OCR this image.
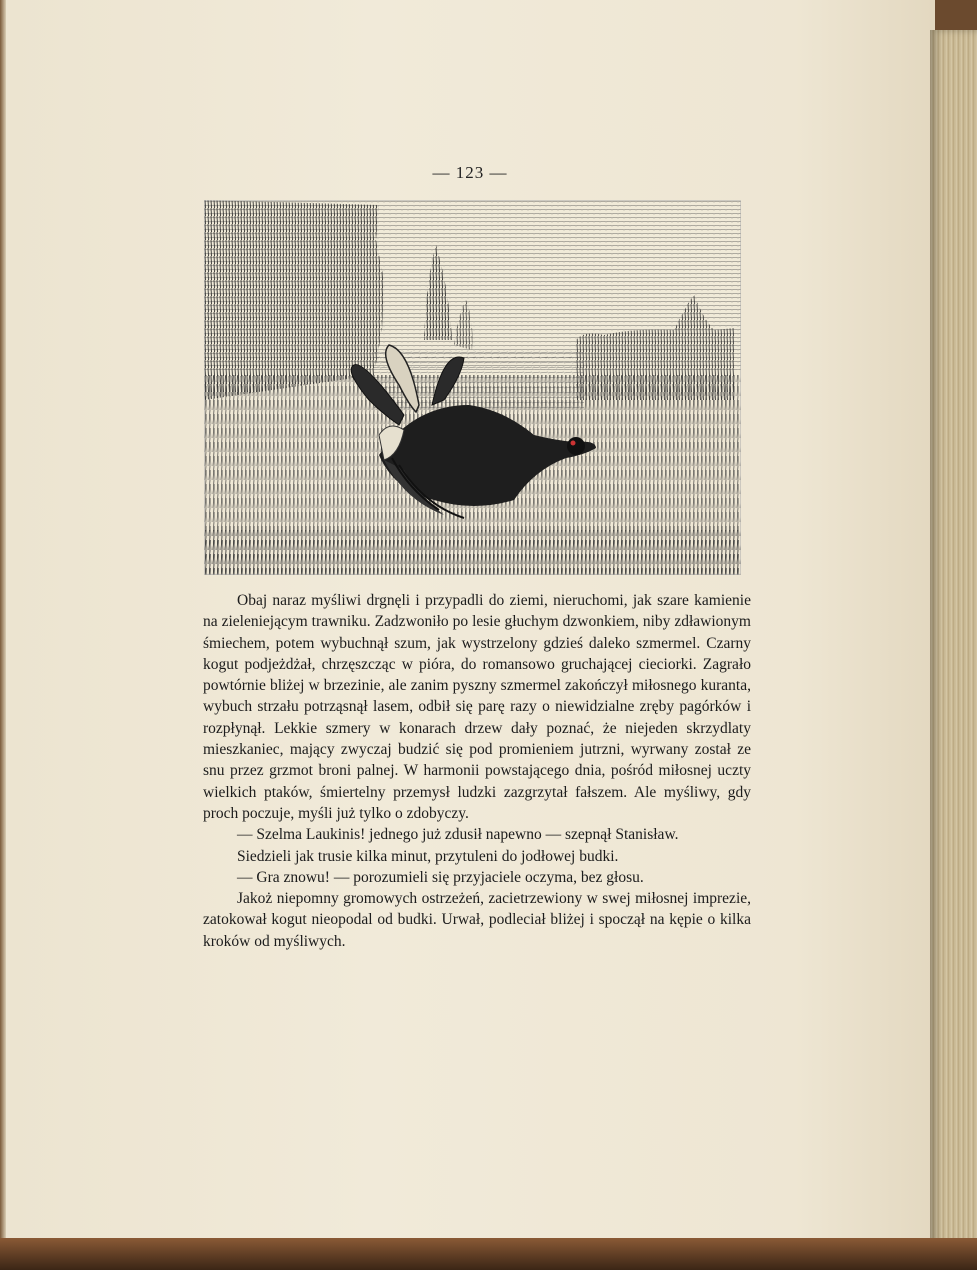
— 123 —

Obaj naraz myśliwi drgnęli i przypadli do ziemi, nieruchomi, jak szare kamienie na zieleniejącym trawniku. Zadzwoniło po lesie głuchym dzwonkiem, niby zdławionym śmiechem, potem wybuchnął szum, jak wystrzelony gdzieś daleko szmermel. Czarny kogut podjeżdżał, chrzęszcząc w pióra, do romansowo gruchającej cieciorki. Zagrało powtórnie bliżej w brzezinie, ale zanim pyszny szmermel zakończył miłosnego kuranta, wybuch strzału potrząsnął lasem, odbił się parę razy o niewidzialne zręby pagórków i rozpłynął. Lekkie szmery w konarach drzew dały poznać, że niejeden skrzydlaty mieszkaniec, mający zwyczaj budzić się pod promieniem jutrzni, wyrwany został ze snu przez grzmot broni palnej. W harmonii powstającego dnia, pośród miłosnej uczty wielkich ptaków, śmiertelny przemysł ludzki zazgrzytał fałszem. Ale myśliwy, gdy proch poczuje, myśli już tylko o zdobyczy.

— Szelma Laukinis! jednego już zdusił napewno — szepnął Stanisław.

Siedzieli jak trusie kilka minut, przytuleni do jodłowej budki.

— Gra znowu! — porozumieli się przyjaciele oczyma, bez głosu.

Jakoż niepomny gromowych ostrzeżeń, zacietrzewiony w swej miłosnej imprezie, zatokował kogut nieopodal od budki. Urwał, podleciał bliżej i spoczął na kępie o kilka kroków od myśliwych.
